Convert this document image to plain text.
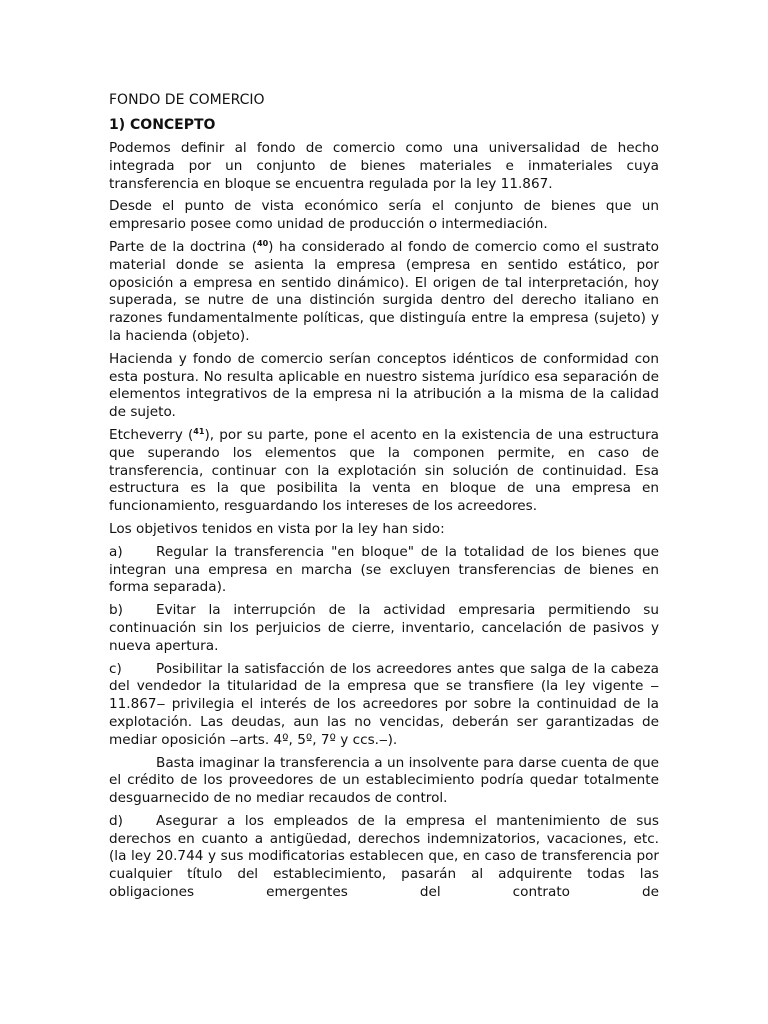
FONDO DE COMERCIO
1) CONCEPTO

Podemos definir al fondo de comercio como una universalidad de hecho integrada por un conjunto de bienes materiales e inmateriales cuya transferencia en bloque se encuentra regulada por la ley 11.867.

Desde el punto de vista económico sería el conjunto de bienes que un empresario posee como unidad de producción o intermediación.

Parte de la doctrina ($^{40}$) ha considerado al fondo de comercio como el sustrato material donde se asienta la empresa (empresa en sentido estático, por oposición a empresa en sentido dinámico). El origen de tal interpretación, hoy superada, se nutre de una distinción surgida dentro del derecho italiano en razones fundamentalmente políticas, que distinguía entre la empresa (sujeto) y la hacienda (objeto).

Hacienda y fondo de comercio serían conceptos idénticos de conformidad con esta postura. No resulta aplicable en nuestro sistema jurídico esa separación de elementos integrativos de la empresa ni la atribución a la misma de la calidad de sujeto.

Etcheverry ($^{41}$), por su parte, pone el acento en la existencia de una estructura que superando los elementos que la componen permite, en caso de transferencia, continuar con la explotación sin solución de continuidad. Esa estructura es la que posibilita la venta en bloque de una empresa en funcionamiento, resguardando los intereses de los acreedores.

Los objetivos tenidos en vista por la ley han sido:

a) Regular la transferencia "en bloque" de la totalidad de los bienes que integran una empresa en marcha (se excluyen transferencias de bienes en forma separada).

b) Evitar la interrupción de la actividad empresaria permitiendo su continuación sin los perjuicios de cierre, inventario, cancelación de pasivos y nueva apertura.

c)	Posibilitar la satisfacción de los acreedores antes que salga de la cabeza del vendedor la titularidad de la empresa que se transfiere (la ley vigente ‒11.867‒ privilegia el interés de los acreedores por sobre la continuidad de la explotación. Las deudas, aun las no vencidas, deberán ser garantizadas de mediar oposición ‒arts. 4º, 5º, 7º y ccs.‒).

Basta imaginar la transferencia a un insolvente para darse cuenta de que el crédito de los proveedores de un establecimiento podría quedar totalmente desguarnecido de no mediar recaudos de control.

d) Asegurar a los empleados de la empresa el mantenimiento de sus derechos en cuanto a antigüedad, derechos indemnizatorios, vacaciones, etc. (la ley 20.744 y sus modificatorias establecen que, en caso de transferencia por cualquier título del establecimiento, pasarán al adquirente todas las obligaciones emergentes del contrato de
